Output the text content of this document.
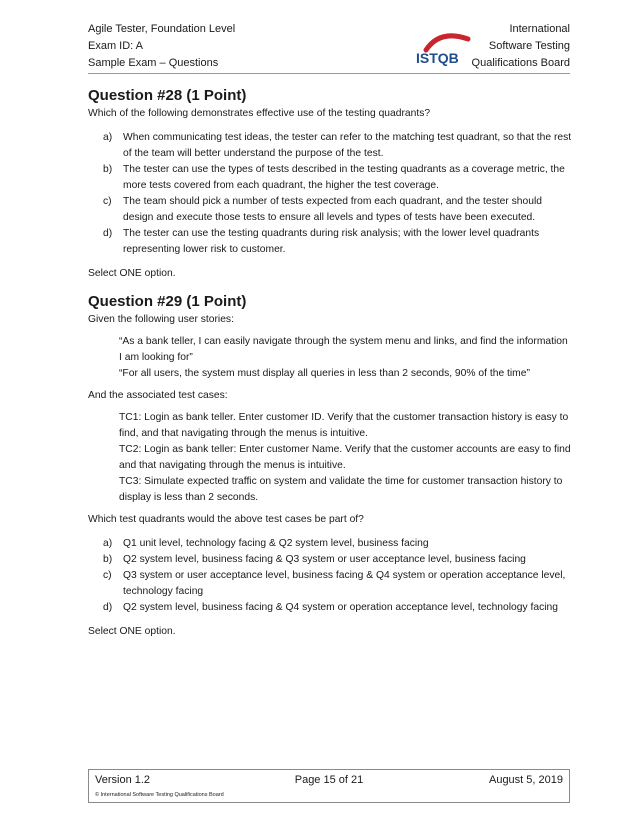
Agile Tester, Foundation Level
Exam ID: A
Sample Exam – Questions	ISTQB
International
Software Testing
Qualifications Board
Question #28 (1 Point)

Which of the following demonstrates effective use of the testing quadrants?

a)	When communicating test ideas, the tester can refer to the matching test quadrant, so that the rest of the team will better understand the purpose of the test.
b)	The tester can use the types of tests described in the testing quadrants as a coverage metric, the more tests covered from each quadrant, the higher the test coverage.
c)	The team should pick a number of tests expected from each quadrant, and the tester should design and execute those tests to ensure all levels and types of tests have been executed.
d)	The tester can use the testing quadrants during risk analysis; with the lower level quadrants representing lower risk to customer.

Select ONE option.

Question #29 (1 Point)

Given the following user stories:

“As a bank teller, I can easily navigate through the system menu and links, and find the information I am looking for”

“For all users, the system must display all queries in less than 2 seconds, 90% of the time”

And the associated test cases:

TC1: Login as bank teller. Enter customer ID. Verify that the customer transaction history is easy to find, and that navigating through the menus is intuitive.

TC2: Login as bank teller: Enter customer Name. Verify that the customer accounts are easy to find and that navigating through the menus is intuitive.

TC3: Simulate expected traffic on system and validate the time for customer transaction history to display is less than 2 seconds.

Which test quadrants would the above test cases be part of?

a)	Q1 unit level, technology facing & Q2 system level, business facing
b)	Q2 system level, business facing & Q3 system or user acceptance level, business facing
c)	Q3 system or user acceptance level, business facing & Q4 system or operation acceptance level, technology facing
d)	Q2 system level, business facing & Q4 system or operation acceptance level, technology facing

Select ONE option.

Page 15 of 21
Version 1.2	August 5, 2019
© International Software Testing Qualifications Board
